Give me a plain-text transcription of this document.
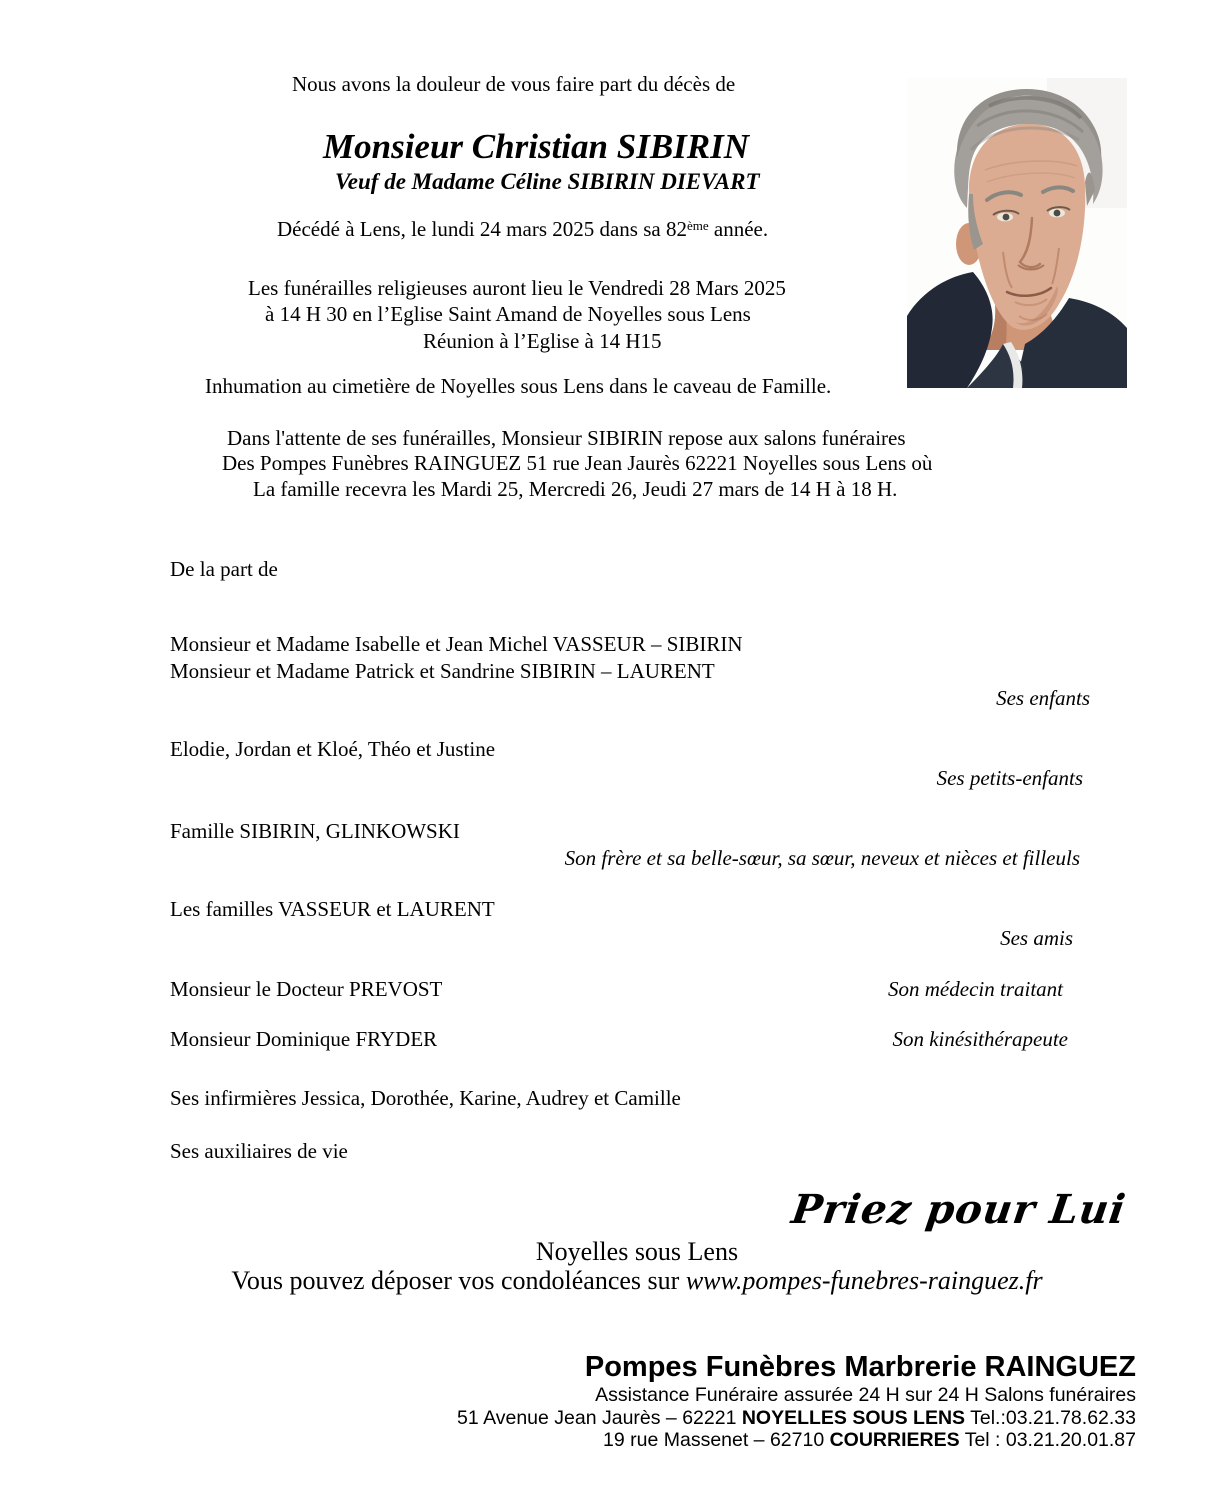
Nous avons la douleur de vous faire part du décès de
Monsieur Christian SIBIRIN
Veuf de Madame Céline SIBIRIN DIEVART
Décédé à Lens, le lundi 24 mars 2025 dans sa 82ème année.
Les funérailles religieuses auront lieu le Vendredi 28 Mars 2025
à 14 H 30 en l’Eglise Saint Amand de Noyelles sous Lens
Réunion à l’Eglise à 14 H15
Inhumation au cimetière de Noyelles sous Lens dans le caveau de Famille.
Dans l'attente de ses funérailles, Monsieur SIBIRIN repose aux salons funéraires
Des Pompes Funèbres RAINGUEZ 51 rue Jean Jaurès 62221 Noyelles sous Lens où
La famille recevra les Mardi 25, Mercredi 26, Jeudi 27 mars de 14 H à 18 H.
De la part de
Monsieur et Madame Isabelle et Jean Michel VASSEUR – SIBIRIN
Monsieur et Madame Patrick et Sandrine SIBIRIN – LAURENT
Ses enfants
Elodie, Jordan et Kloé, Théo et Justine
Ses petits-enfants
Famille SIBIRIN, GLINKOWSKI
Son frère et sa belle-sœur, sa sœur, neveux et nièces et filleuls
Les familles VASSEUR et LAURENT
Ses amis
Monsieur le Docteur PREVOST	Son médecin traitant
Monsieur Dominique FRYDER	Son kinésithérapeute
Ses infirmières Jessica, Dorothée, Karine, Audrey et Camille
Ses auxiliaires de vie
Priez pour Lui
Noyelles sous Lens
Vous pouvez déposer vos condoléances sur www.pompes-funebres-rainguez.fr
Pompes Funèbres Marbrerie RAINGUEZ
Assistance Funéraire assurée 24 H sur 24 H Salons funéraires
51 Avenue Jean Jaurès – 62221 NOYELLES SOUS LENS Tel.:03.21.78.62.33
19 rue Massenet – 62710 COURRIERES Tel : 03.21.20.01.87
